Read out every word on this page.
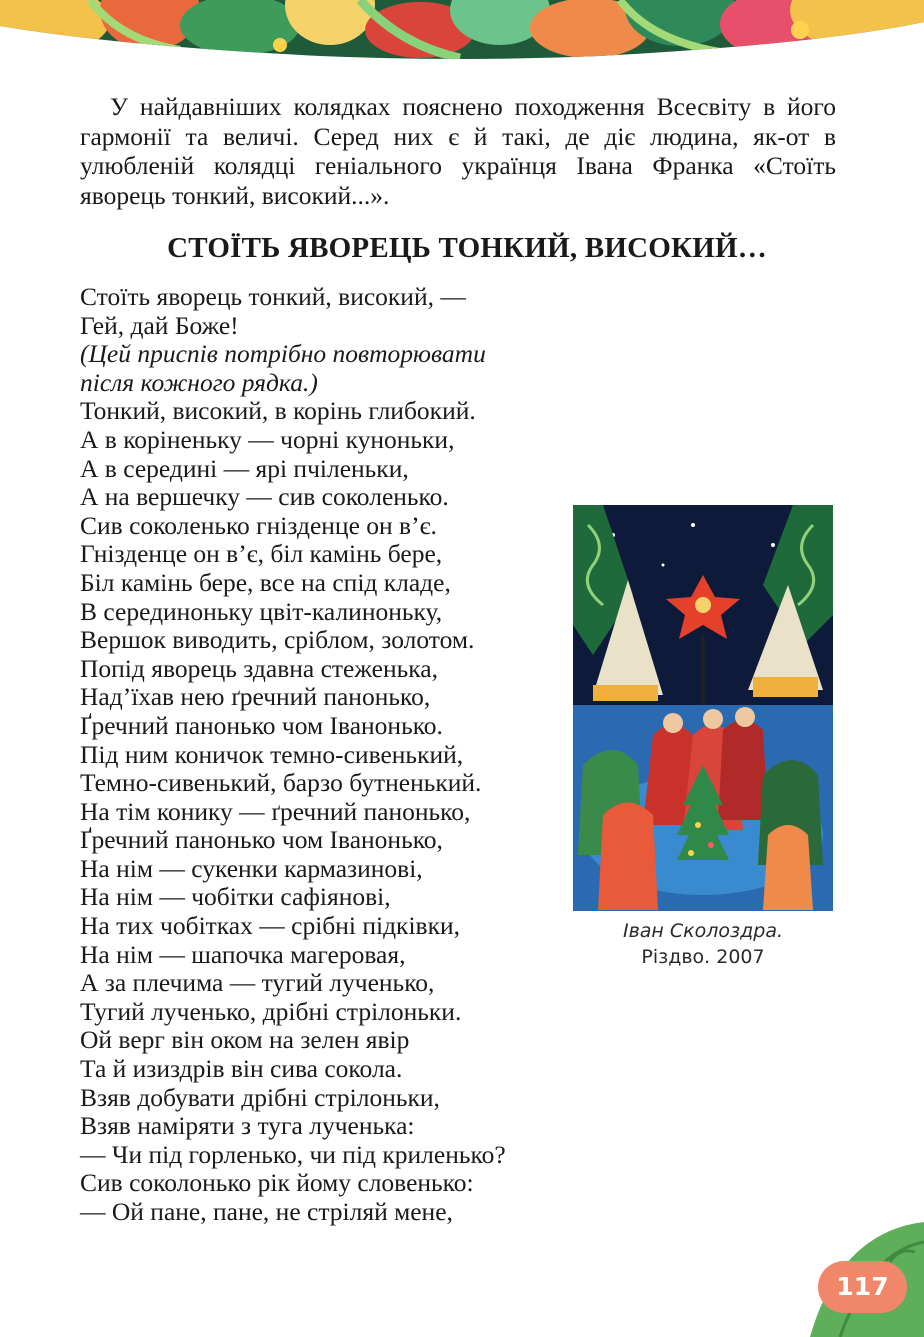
У найдавніших колядках пояснено походження Всесвіту в його гармонії та величі. Серед них є й такі, де діє людина, як-от в улюбленій колядці геніального українця Івана Франка «Стоїть яворець тонкий, високий...».

СТОЇТЬ ЯВОРЕЦЬ ТОНКИЙ, ВИСОКИЙ…
Стоїть яворець тонкий, високий, —
Гей, дай Боже!
(Цей приспів потрібно повторювати
після кожного рядка.)
Тонкий, високий, в корінь глибокий.
А в коріненьку — чорні куноньки,
А в середині — ярі пчіленьки,
А на вершечку — сив соколенько.
Сив соколенько гнізденце он в’є.
Гнізденце он в’є, біл камінь бере,
Біл камінь бере, все на спід кладе,
В серединоньку цвіт-калиноньку,
Вершок виводить, сріблом, золотом.
Попід яворець здавна стеженька,
Над’їхав нею ґречний панонько,
Ґречний панонько чом Іванонько.
Під ним коничок темно-сивенький,
Темно-сивенький, барзо бутненький.
На тім конику — ґречний панонько,
Ґречний панонько чом Іванонько,
На нім — сукенки кармазинові,
На нім — чобітки сафіянові,
На тих чобітках — срібні підківки,
На нім — шапочка магеровая,
А за плечима — тугий лученько,
Тугий лученько, дрібні стрілоньки.
Ой верг він оком на зелен явір
Та й изиздрів він сива сокола.
Взяв добувати дрібні стрілоньки,
Взяв наміряти з туга лученька:
— Чи під горленько, чи під криленько?
Сив соколонько рік йому словенько:
— Ой пане, пане, не стріляй мене,
Іван Сколоздра.
Різдво. 2007
117
